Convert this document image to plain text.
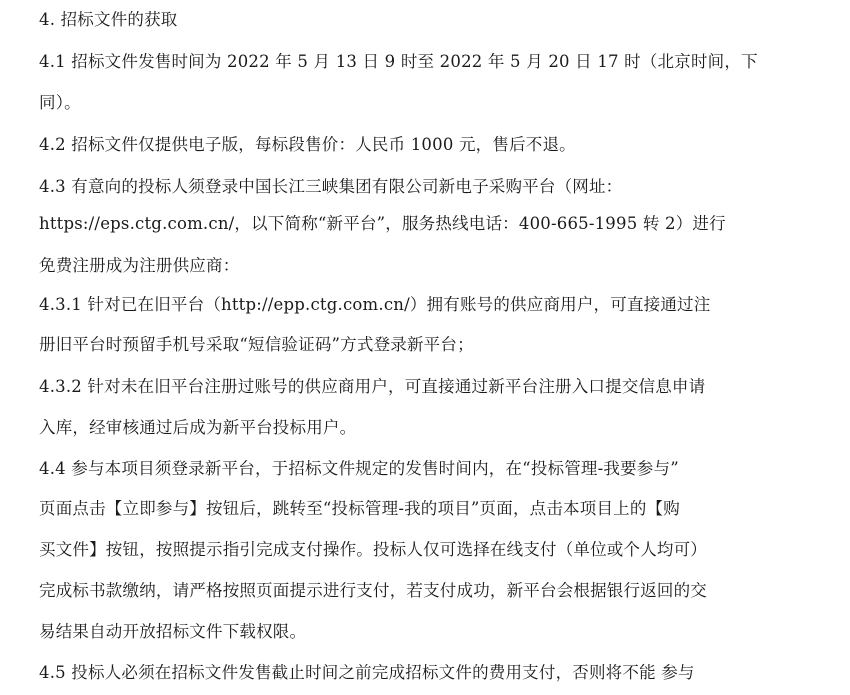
4. 招标文件的获取
4.1 招标文件发售时间为 2022 年 5 月 13 日 9 时至 2022 年 5 月 20 日 17 时（北京时间，下
同）。
4.2 招标文件仅提供电子版，每标段售价：人民币 1000 元，售后不退。
4.3 有意向的投标人须登录中国长江三峡集团有限公司新电子采购平台（网址：
https://eps.ctg.com.cn/，以下简称“新平台”，服务热线电话：400-665-1995 转 2）进行
免费注册成为注册供应商：
4.3.1 针对已在旧平台（http://epp.ctg.com.cn/）拥有账号的供应商用户，可直接通过注
册旧平台时预留手机号采取“短信验证码”方式登录新平台；
4.3.2 针对未在旧平台注册过账号的供应商用户，可直接通过新平台注册入口提交信息申请
入库，经审核通过后成为新平台投标用户。
4.4 参与本项目须登录新平台，于招标文件规定的发售时间内，在“投标管理-我要参与”
页面点击【立即参与】按钮后，跳转至“投标管理-我的项目”页面，点击本项目上的【购
买文件】按钮，按照提示指引完成支付操作。投标人仅可选择在线支付（单位或个人均可）
完成标书款缴纳，请严格按照页面提示进行支付，若支付成功，新平台会根据银行返回的交
易结果自动开放招标文件下载权限。
4.5 投标人必须在招标文件发售截止时间之前完成招标文件的费用支付，否则将不能 参与
